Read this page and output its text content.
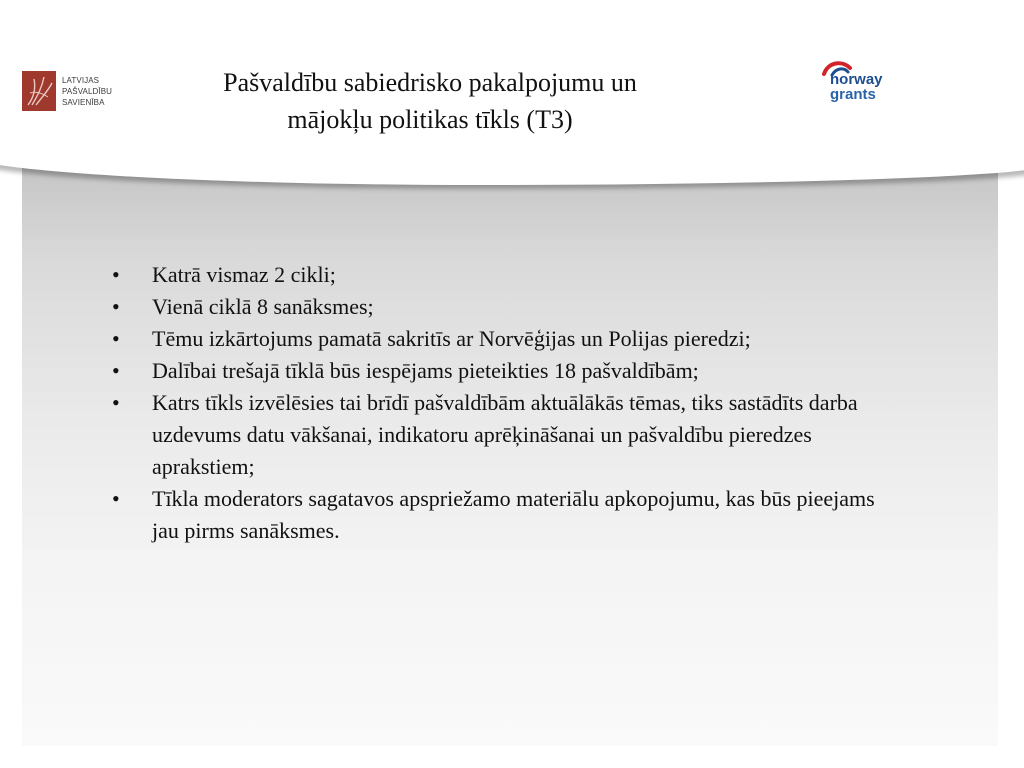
LATVIJAS
PAŠVALDĪBU
SAVIENĪBA
Pašvaldību sabiedrisko pakalpojumu un
mājokļu politikas tīkls (T3)
norway
grants
• Katrā vismaz 2 cikli;
• Vienā ciklā 8 sanāksmes;
• Tēmu izkārtojums pamatā sakritīs ar Norvēģijas un Polijas pieredzi;
• Dalībai trešajā tīklā būs iespējams pieteikties 18 pašvaldībām;
• Katrs tīkls izvēlēsies tai brīdī pašvaldībām aktuālākās tēmas, tiks sastādīts darba uzdevums datu vākšanai, indikatoru aprēķināšanai un pašvaldību pieredzes aprakstiem;
• Tīkla moderators sagatavos apspriežamo materiālu apkopojumu, kas būs pieejams jau pirms sanāksmes.
